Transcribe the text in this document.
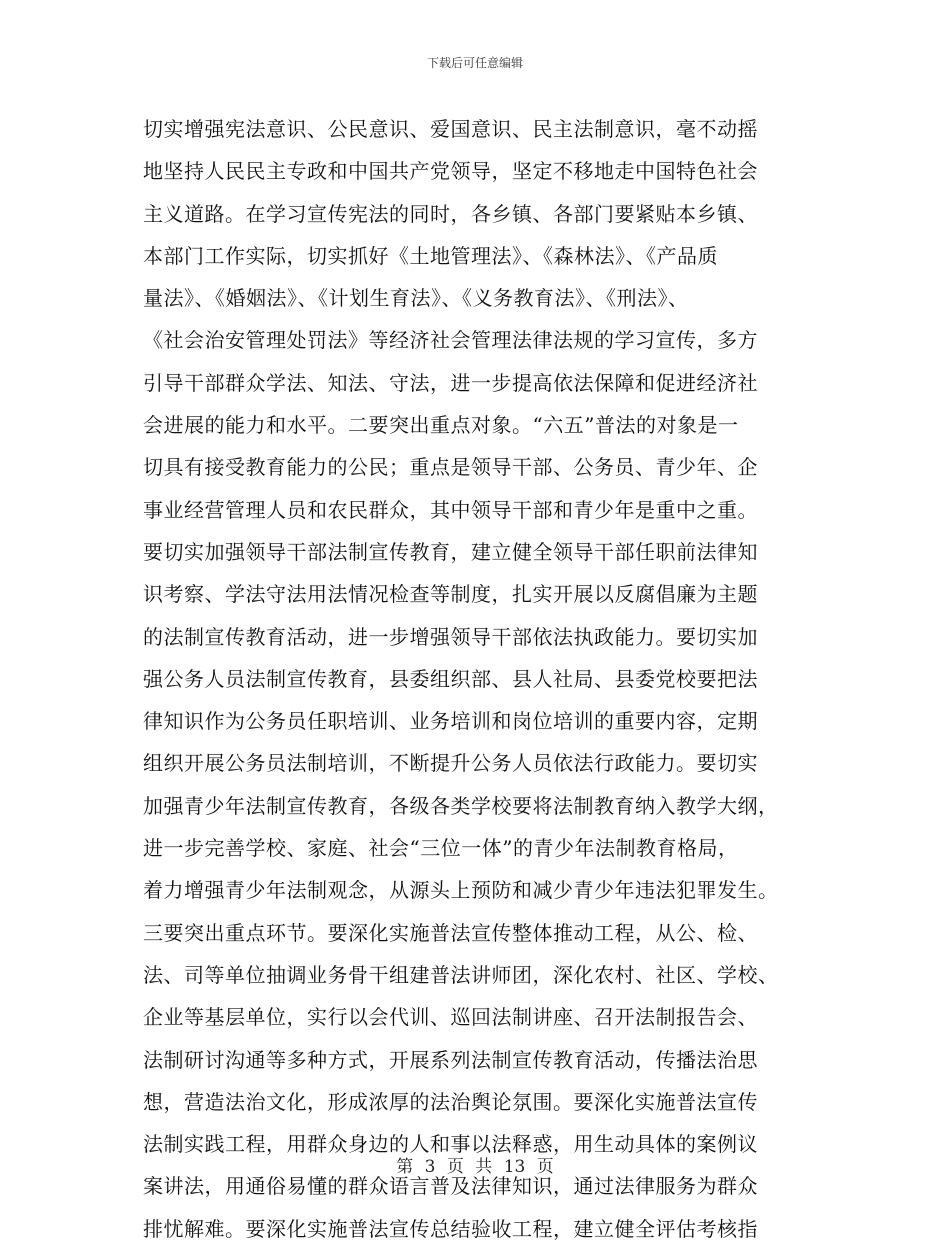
下载后可任意编辑
切实增强宪法意识、公民意识、爱国意识、民主法制意识，毫不动摇
地坚持人民民主专政和中国共产党领导，坚定不移地走中国特色社会
主义道路。在学习宣传宪法的同时，各乡镇、各部门要紧贴本乡镇、
本部门工作实际，切实抓好《土地管理法》、《森林法》、《产品质
量法》、《婚姻法》、《计划生育法》、《义务教育法》、《刑法》、
《社会治安管理处罚法》等经济社会管理法律法规的学习宣传，多方
引导干部群众学法、知法、守法，进一步提高依法保障和促进经济社
会进展的能力和水平。二要突出重点对象。“六五”普法的对象是一
切具有接受教育能力的公民；重点是领导干部、公务员、青少年、企
事业经营管理人员和农民群众，其中领导干部和青少年是重中之重。
要切实加强领导干部法制宣传教育，建立健全领导干部任职前法律知
识考察、学法守法用法情况检查等制度，扎实开展以反腐倡廉为主题
的法制宣传教育活动，进一步增强领导干部依法执政能力。要切实加
强公务人员法制宣传教育，县委组织部、县人社局、县委党校要把法
律知识作为公务员任职培训、业务培训和岗位培训的重要内容，定期
组织开展公务员法制培训，不断提升公务人员依法行政能力。要切实
加强青少年法制宣传教育，各级各类学校要将法制教育纳入教学大纲，
进一步完善学校、家庭、社会“三位一体”的青少年法制教育格局，
着力增强青少年法制观念，从源头上预防和减少青少年违法犯罪发生。
三要突出重点环节。要深化实施普法宣传整体推动工程，从公、检、
法、司等单位抽调业务骨干组建普法讲师团，深化农村、社区、学校、
企业等基层单位，实行以会代训、巡回法制讲座、召开法制报告会、
法制研讨沟通等多种方式，开展系列法制宣传教育活动，传播法治思
想，营造法治文化，形成浓厚的法治舆论氛围。要深化实施普法宣传
法制实践工程，用群众身边的人和事以法释惑，用生动具体的案例议
案讲法，用通俗易懂的群众语言普及法律知识，通过法律服务为群众
排忧解难。要深化实施普法宣传总结验收工程，建立健全评估考核指
第 3 页 共 13 页
